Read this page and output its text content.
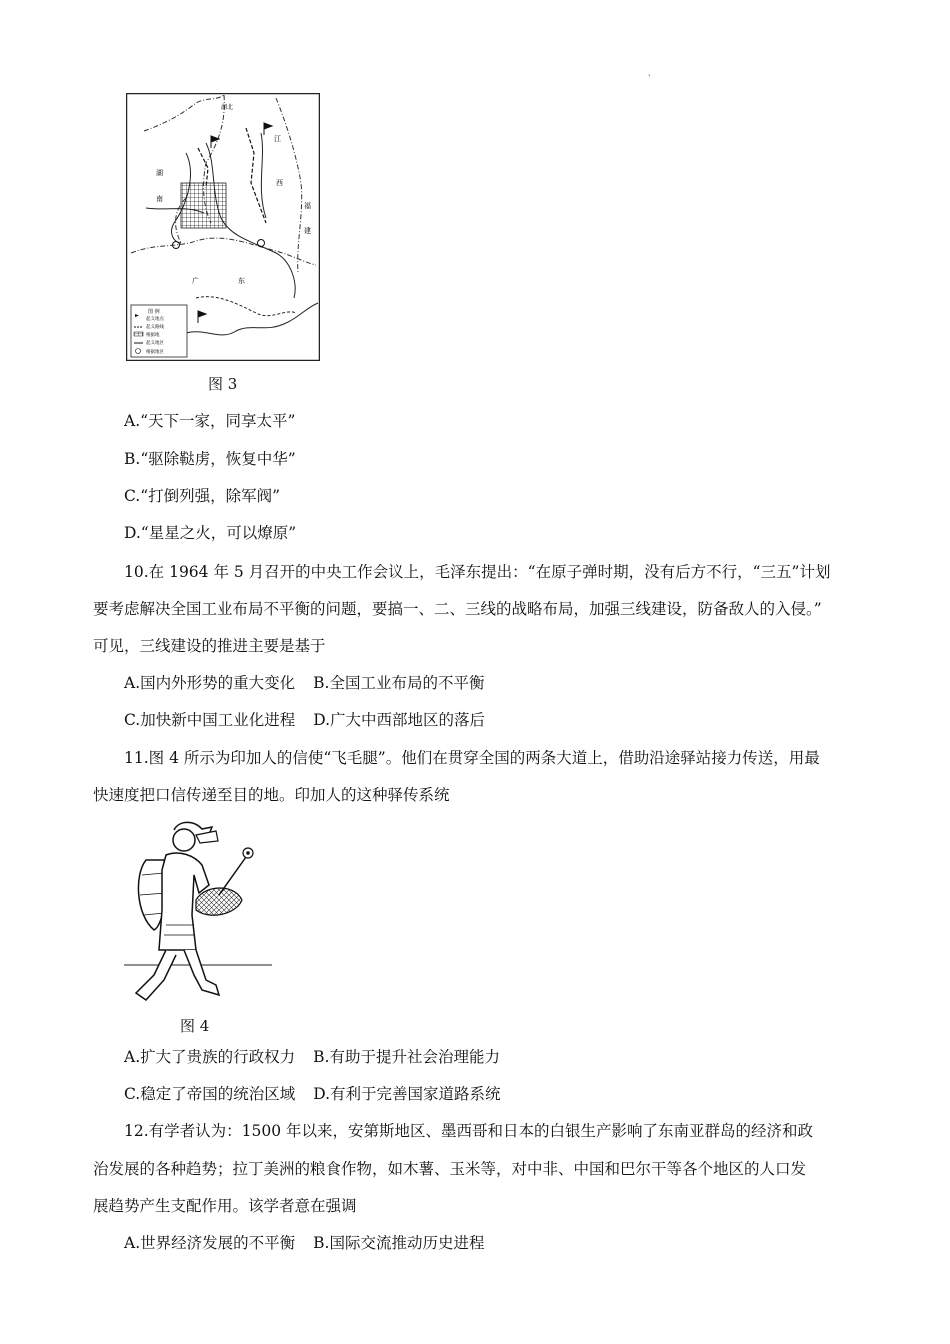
'
湖北
江
西
福
建
湖
南
广	东
图 例
起义地点
起义路线
根据地
起义地区
根据地区
图 3
A.“天下一家，同享太平”
B.“驱除鞑虏，恢复中华”
C.“打倒列强，除军阀”
D.“星星之火，可以燎原”
10.在 1964 年 5 月召开的中央工作会议上，毛泽东提出：“在原子弹时期，没有后方不行，“三五”计划
要考虑解决全国工业布局不平衡的问题，要搞一、二、三线的战略布局，加强三线建设，防备敌人的入侵。”
可见，三线建设的推进主要是基于
A.国内外形势的重大变化 B.全国工业布局的不平衡
C.加快新中国工业化进程 D.广大中西部地区的落后
11.图 4 所示为印加人的信使“飞毛腿”。他们在贯穿全国的两条大道上，借助沿途驿站接力传送，用最
快速度把口信传递至目的地。印加人的这种驿传系统
图 4
A.扩大了贵族的行政权力 B.有助于提升社会治理能力
C.稳定了帝国的统治区域 D.有利于完善国家道路系统
12.有学者认为：1500 年以来，安第斯地区、墨西哥和日本的白银生产影响了东南亚群岛的经济和政
治发展的各种趋势；拉丁美洲的粮食作物，如木薯、玉米等，对中非、中国和巴尔干等各个地区的人口发
展趋势产生支配作用。该学者意在强调
A.世界经济发展的不平衡 B.国际交流推动历史进程
